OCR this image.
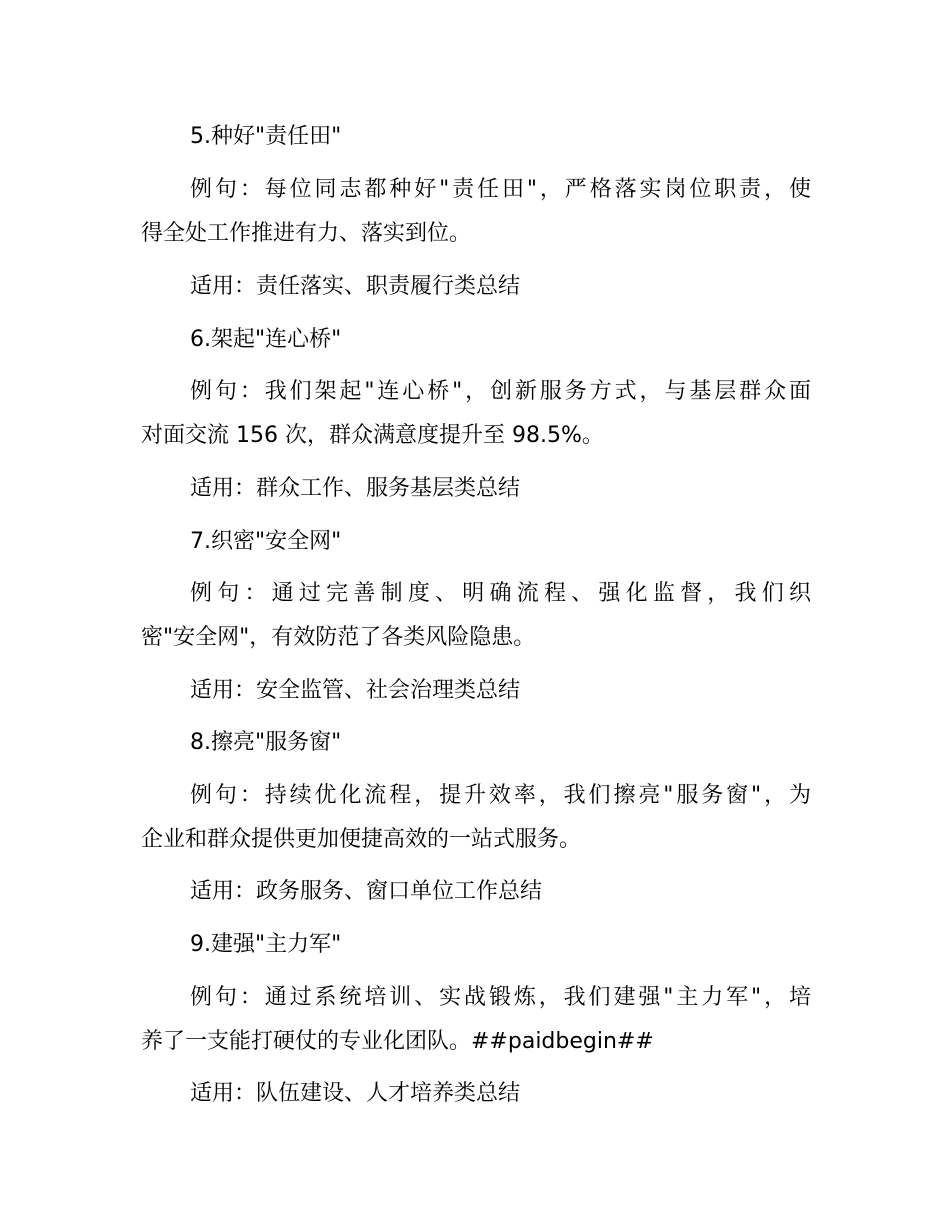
5.种好"责任田"
例句：每位同志都种好"责任田"，严格落实岗位职责，使
得全处工作推进有力、落实到位。
适用：责任落实、职责履行类总结
6.架起"连心桥"
例句：我们架起"连心桥"，创新服务方式，与基层群众面
对面交流 156 次，群众满意度提升至 98.5%。
适用：群众工作、服务基层类总结
7.织密"安全网"
例句：通过完善制度、明确流程、强化监督，我们织
密"安全网"，有效防范了各类风险隐患。
适用：安全监管、社会治理类总结
8.擦亮"服务窗"
例句：持续优化流程，提升效率，我们擦亮"服务窗"，为
企业和群众提供更加便捷高效的一站式服务。
适用：政务服务、窗口单位工作总结
9.建强"主力军"
例句：通过系统培训、实战锻炼，我们建强"主力军"，培
养了一支能打硬仗的专业化团队。##paidbegin##
适用：队伍建设、人才培养类总结
